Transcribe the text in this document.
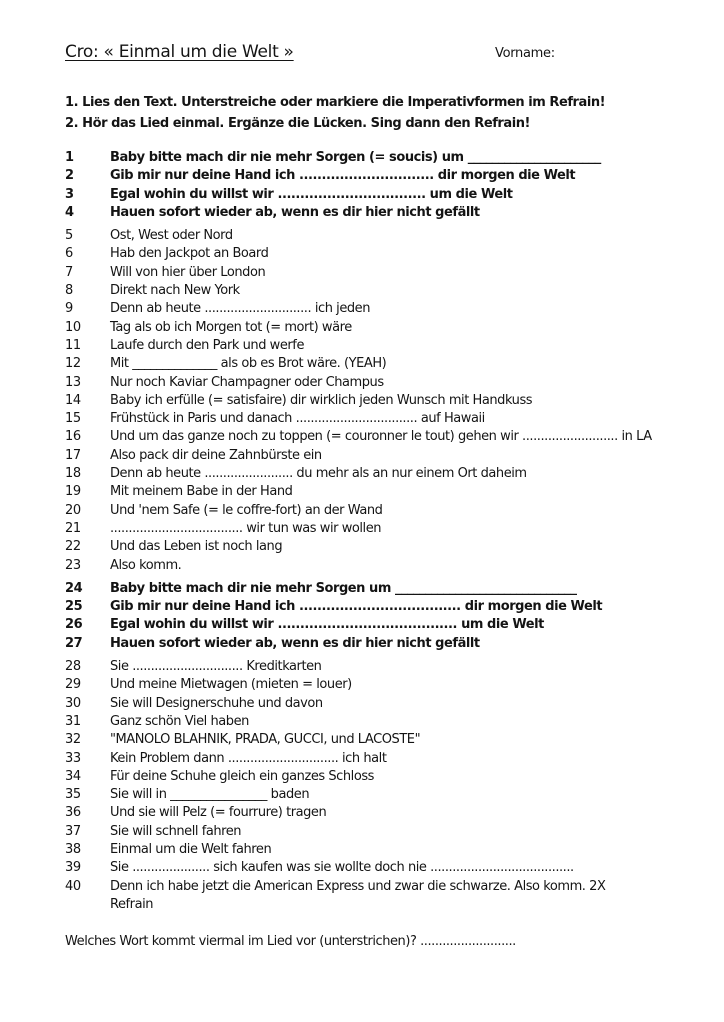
Cro: « Einmal um die Welt »	Vorname:
1. Lies den Text. Unterstreiche oder markiere die Imperativformen im Refrain!
2. Hör das Lied einmal. Ergänze die Lücken. Sing dann den Refrain!
1	Baby bitte mach dir nie mehr Sorgen (= soucis) um ______________________
2	Gib mir nur deine Hand ich .............................. dir morgen die Welt
3	Egal wohin du willst wir ................................. um die Welt
4	Hauen sofort wieder ab, wenn es dir hier nicht gefällt
5	Ost, West oder Nord
6	Hab den Jackpot an Board
7	Will von hier über London
8	Direkt nach New York
9	Denn ab heute ............................. ich jeden
10	Tag als ob ich Morgen tot (= mort) wäre
11	Laufe durch den Park und werfe
12	Mit ______________ als ob es Brot wäre. (YEAH)
13	Nur noch Kaviar Champagner oder Champus
14	Baby ich erfülle (= satisfaire) dir wirklich jeden Wunsch mit Handkuss
15	Frühstück in Paris und danach ................................. auf Hawaii
16	Und um das ganze noch zu toppen (= couronner le tout) gehen wir .......................... in LA
17	Also pack dir deine Zahnbürste ein
18	Denn ab heute ........................ du mehr als an nur einem Ort daheim
19	Mit meinem Babe in der Hand
20	Und 'nem Safe (= le coffre-fort) an der Wand
21	.................................... wir tun was wir wollen
22	Und das Leben ist noch lang
23	Also komm.
24	Baby bitte mach dir nie mehr Sorgen um ______________________________
25	Gib mir nur deine Hand ich .................................... dir morgen die Welt
26	Egal wohin du willst wir ........................................ um die Welt
27	Hauen sofort wieder ab, wenn es dir hier nicht gefällt
28	Sie .............................. Kreditkarten
29	Und meine Mietwagen (mieten = louer)
30	Sie will Designerschuhe und davon
31	Ganz schön Viel haben
32	"MANOLO BLAHNIK, PRADA, GUCCI, und LACOSTE"
33	Kein Problem dann .............................. ich halt
34	Für deine Schuhe gleich ein ganzes Schloss
35	Sie will in ________________ baden
36	Und sie will Pelz (= fourrure) tragen
37	Sie will schnell fahren
38	Einmal um die Welt fahren
39	Sie ..................... sich kaufen was sie wollte doch nie .......................................
40	Denn ich habe jetzt die American Express und zwar die schwarze. Also komm. 2X
Refrain
Welches Wort kommt viermal im Lied vor (unterstrichen)? ..........................
